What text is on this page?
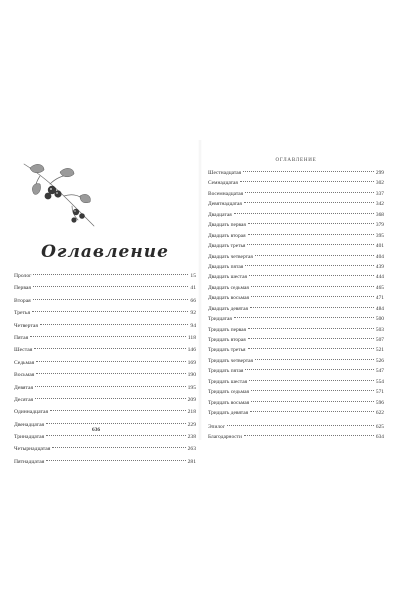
Оглавление
Пролог	15
Первая	41
Вторая	66
Третья	92
Четвертая	94
Пятая	118
Шестая	146
Седьмая	169
Восьмая	190
Девятая	195
Десятая	209
Одиннадцатая	218
Двенадцатая	229
Тринадцатая	238
Четырнадцатая	263
Пятнадцатая	281
636
ОГЛАВЛЕНИЕ
Шестнадцатая	299
Семнадцатая	302
Восемнадцатая	337
Девятнадцатая	342
Двадцатая	368
Двадцать первая	379
Двадцать вторая	395
Двадцать третья	401
Двадцать четвертая	404
Двадцать пятая	439
Двадцать шестая	444
Двадцать седьмая	465
Двадцать восьмая	471
Двадцать девятая	484
Тридцатая	500
Тридцать первая	503
Тридцать вторая	507
Тридцать третья	521
Тридцать четвертая	526
Тридцать пятая	547
Тридцать шестая	554
Тридцать седьмая	571
Тридцать восьмая	596
Тридцать девятая	622
Эпилог	625
Благодарности	634
